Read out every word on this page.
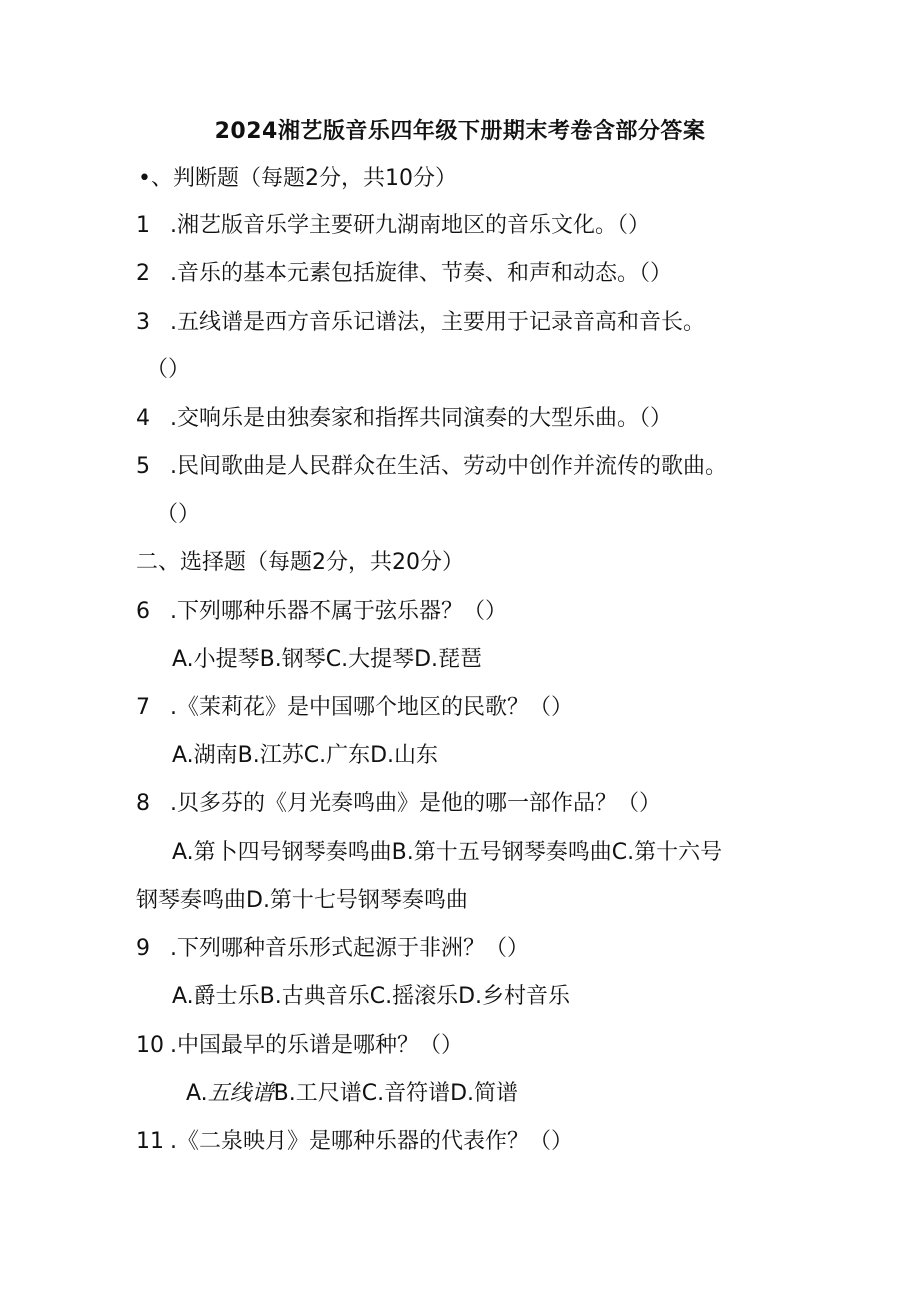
2024湘艺版音乐四年级下册期末考卷含部分答案
•、判断题（每题2分，共10分）
1 .湘艺版音乐学主要研九湖南地区的音乐文化。（）
2 .音乐的基本元素包括旋律、节奏、和声和动态。（）
3 .五线谱是西方音乐记谱法，主要用于记录音高和音长。
（）
4 .交响乐是由独奏家和指挥共同演奏的大型乐曲。（）
5 .民间歌曲是人民群众在生活、劳动中创作并流传的歌曲。
（）
二、选择题（每题2分，共20分）
6 .下列哪种乐器不属于弦乐器？（）
A.小提琴B.钢琴C.大提琴D.琵琶
7 .《茉莉花》是中国哪个地区的民歌？（）
A.湖南B.江苏C.广东D.山东
8 .贝多芬的《月光奏鸣曲》是他的哪一部作品？（）
A.第卜四号钢琴奏鸣曲B.第十五号钢琴奏鸣曲C.第十六号
钢琴奏鸣曲D.第十七号钢琴奏鸣曲
9 .下列哪种音乐形式起源于非洲？（）
A.爵士乐B.古典音乐C.摇滚乐D.乡村音乐
10 .中国最早的乐谱是哪种？（）
A.五线谱B.工尺谱C.音符谱D.简谱
11 .《二泉映月》是哪种乐器的代表作？（）
